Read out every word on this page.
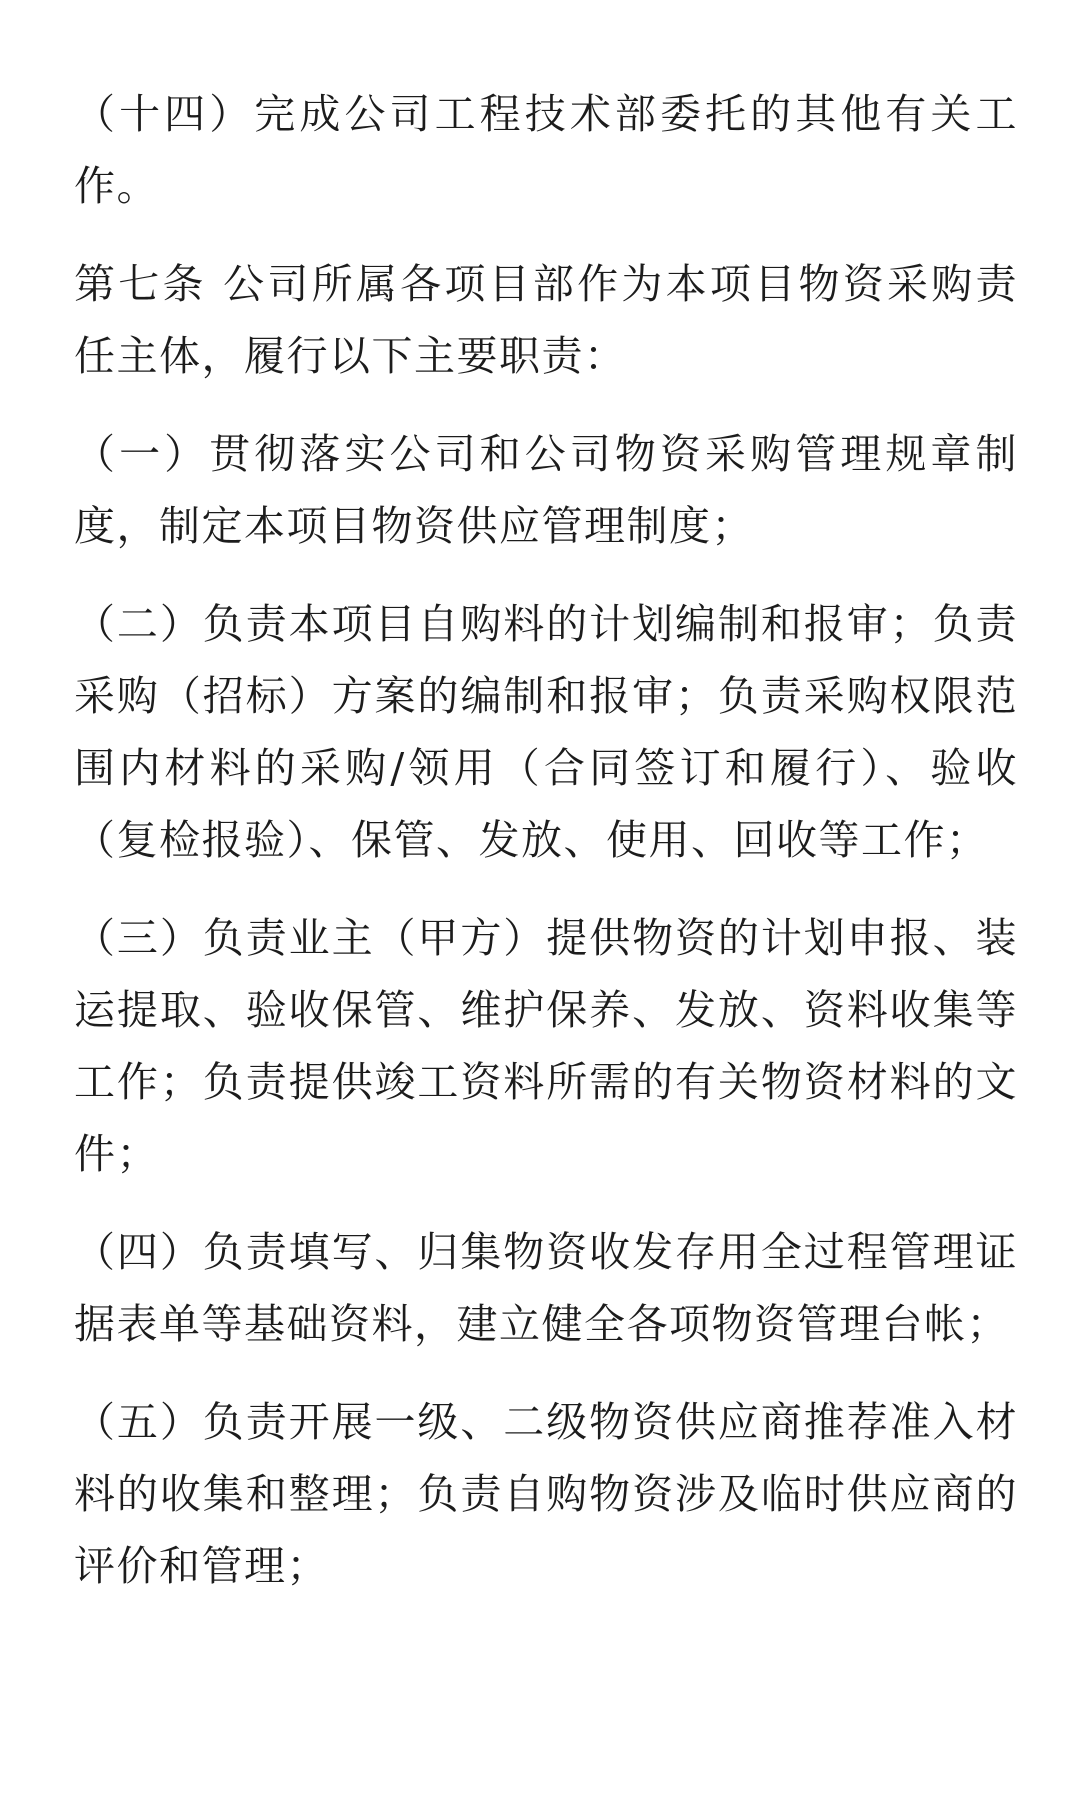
（十四）完成公司工程技术部委托的其他有关工作。

第七条 公司所属各项目部作为本项目物资采购责任主体，履行以下主要职责：

（一）贯彻落实公司和公司物资采购管理规章制度，制定本项目物资供应管理制度；

（二）负责本项目自购料的计划编制和报审；负责采购（招标）方案的编制和报审；负责采购权限范围内材料的采购/领用（合同签订和履行）、验收（复检报验）、保管、发放、使用、回收等工作；

（三）负责业主（甲方）提供物资的计划申报、装运提取、验收保管、维护保养、发放、资料收集等工作；负责提供竣工资料所需的有关物资材料的文件；

（四）负责填写、归集物资收发存用全过程管理证据表单等基础资料，建立健全各项物资管理台帐；

（五）负责开展一级、二级物资供应商推荐准入材料的收集和整理；负责自购物资涉及临时供应商的评价和管理；
